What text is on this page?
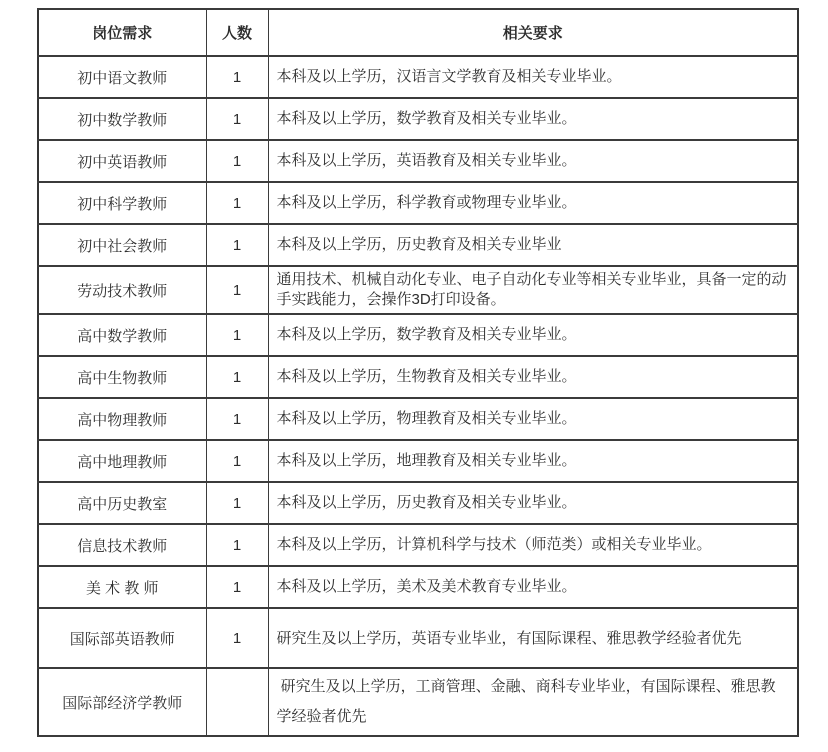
岗位需求	人数	相关要求
初中语文教师	1	本科及以上学历，汉语言文学教育及相关专业毕业。
初中数学教师	1	本科及以上学历，数学教育及相关专业毕业。
初中英语教师	1	本科及以上学历，英语教育及相关专业毕业。
初中科学教师	1	本科及以上学历，科学教育或物理专业毕业。
初中社会教师	1	本科及以上学历，历史教育及相关专业毕业
劳动技术教师	1	通用技术、机械自动化专业、电子自动化专业等相关专业毕业，具备一定的动手实践能力，会操作3D打印设备。
高中数学教师	1	本科及以上学历，数学教育及相关专业毕业。
高中生物教师	1	本科及以上学历，生物教育及相关专业毕业。
高中物理教师	1	本科及以上学历，物理教育及相关专业毕业。
高中地理教师	1	本科及以上学历，地理教育及相关专业毕业。
高中历史教室	1	本科及以上学历，历史教育及相关专业毕业。
信息技术教师	1	本科及以上学历，计算机科学与技术（师范类）或相关专业毕业。
美 术 教 师	1	本科及以上学历，美术及美术教育专业毕业。
国际部英语教师	1	研究生及以上学历，英语专业毕业，有国际课程、雅思教学经验者优先
国际部经济学教师		研究生及以上学历，工商管理、金融、商科专业毕业，有国际课程、雅思教学经验者优先
